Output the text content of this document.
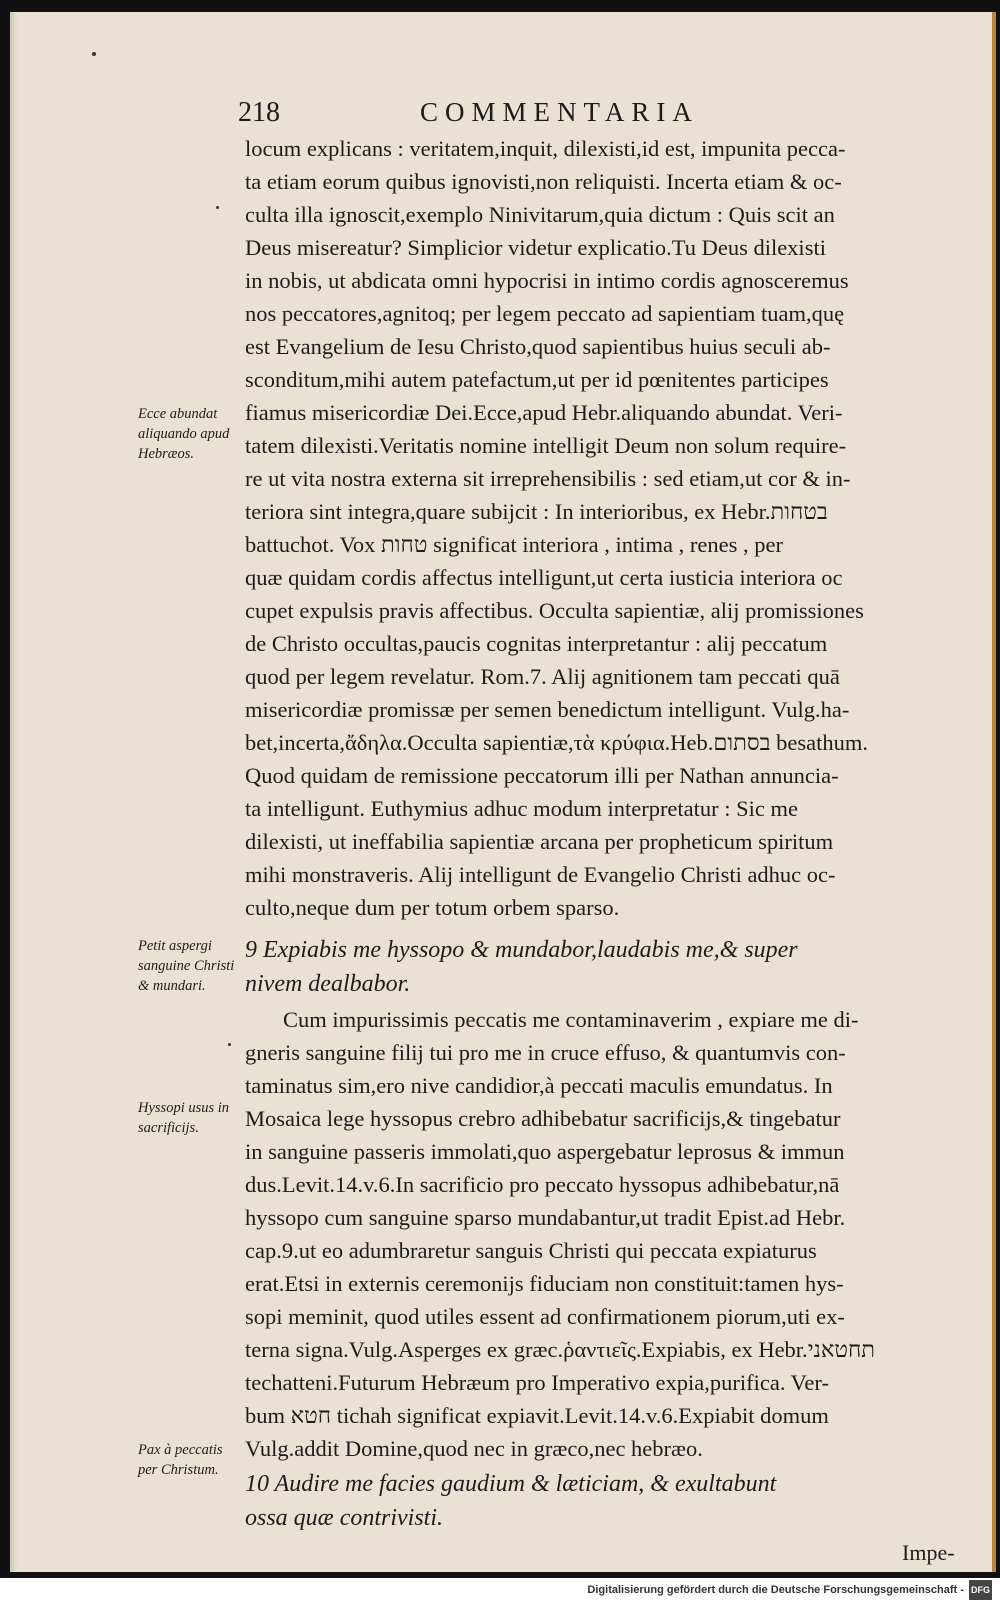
218	COMMENTARIA
locum explicans : veritatem,inquit, dilexisti,id est, impunita pecca-
ta etiam eorum quibus ignovisti,non reliquisti. Incerta etiam & oc-
culta illa ignoscit,exemplo Ninivitarum,quia dictum : Quis scit an
Deus misereatur? Simplicior videtur explicatio.Tu Deus dilexisti
in nobis, ut abdicata omni hypocrisi in intimo cordis agnosceremus
nos peccatores,agnitoq; per legem peccato ad sapientiam tuam,quę
est Evangelium de Iesu Christo,quod sapientibus huius seculi ab-
sconditum,mihi autem patefactum,ut per id pœnitentes participes
fiamus misericordiæ Dei.Ecce,apud Hebr.aliquando abundat. Veri-
tatem dilexisti.Veritatis nomine intelligit Deum non solum require-
re ut vita nostra externa sit irreprehensibilis : sed etiam,ut cor & in-
teriora sint integra,quare subijcit : In interioribus, ex Hebr.בטחות
battuchot. Vox טחות significat interiora , intima , renes , per
quæ quidam cordis affectus intelligunt,ut certa iusticia interiora oc
cupet expulsis pravis affectibus. Occulta sapientiæ, alij promissiones
de Christo occultas,paucis cognitas interpretantur : alij peccatum
quod per legem revelatur. Rom.7. Alij agnitionem tam peccati quā
misericordiæ promissæ per semen benedictum intelligunt. Vulg.ha-
bet,incerta,ἄδηλα.Occulta sapientiæ,τὰ κρύφια.Heb.בסתום besathum.
Quod quidam de remissione peccatorum illi per Nathan annuncia-
ta intelligunt. Euthymius adhuc modum interpretatur : Sic me
dilexisti, ut ineffabilia sapientiæ arcana per propheticum spiritum
mihi monstraveris. Alij intelligunt de Evangelio Christi adhuc oc-
culto,neque dum per totum orbem sparso.
9 Expiabis me hyssopo & mundabor,laudabis me,& super
nivem dealbabor.
Cum impurissimis peccatis me contaminaverim , expiare me di-
gneris sanguine filij tui pro me in cruce effuso, & quantumvis con-
taminatus sim,ero nive candidior,à peccati maculis emundatus. In
Mosaica lege hyssopus crebro adhibebatur sacrificijs,& tingebatur
in sanguine passeris immolati,quo aspergebatur leprosus & immun
dus.Levit.14.v.6.In sacrificio pro peccato hyssopus adhibebatur,nā
hyssopo cum sanguine sparso mundabantur,ut tradit Epist.ad Hebr.
cap.9.ut eo adumbraretur sanguis Christi qui peccata expiaturus
erat.Etsi in externis ceremonijs fiduciam non constituit:tamen hys-
sopi meminit, quod utiles essent ad confirmationem piorum,uti ex-
terna signa.Vulg.Asperges ex græc.ῥαντιεῖς.Expiabis, ex Hebr.תחטאני
techatteni.Futurum Hebræum pro Imperativo expia,purifica. Ver-
bum חטא tichah significat expiavit.Levit.14.v.6.Expiabit domum
Vulg.addit Domine,quod nec in græco,nec hebræo.
10 Audire me facies gaudium & læticiam, & exultabunt
ossa quæ contrivisti.
Ecce abundat aliquando apud Hebræos.
Petit aspergi sanguine Christi & mundari.
Hyssopi usus in sacrificijs.
Pax à peccatis per Christum.
Impe-
Digitalisierung gefördert durch die Deutsche Forschungsgemeinschaft - DFG
